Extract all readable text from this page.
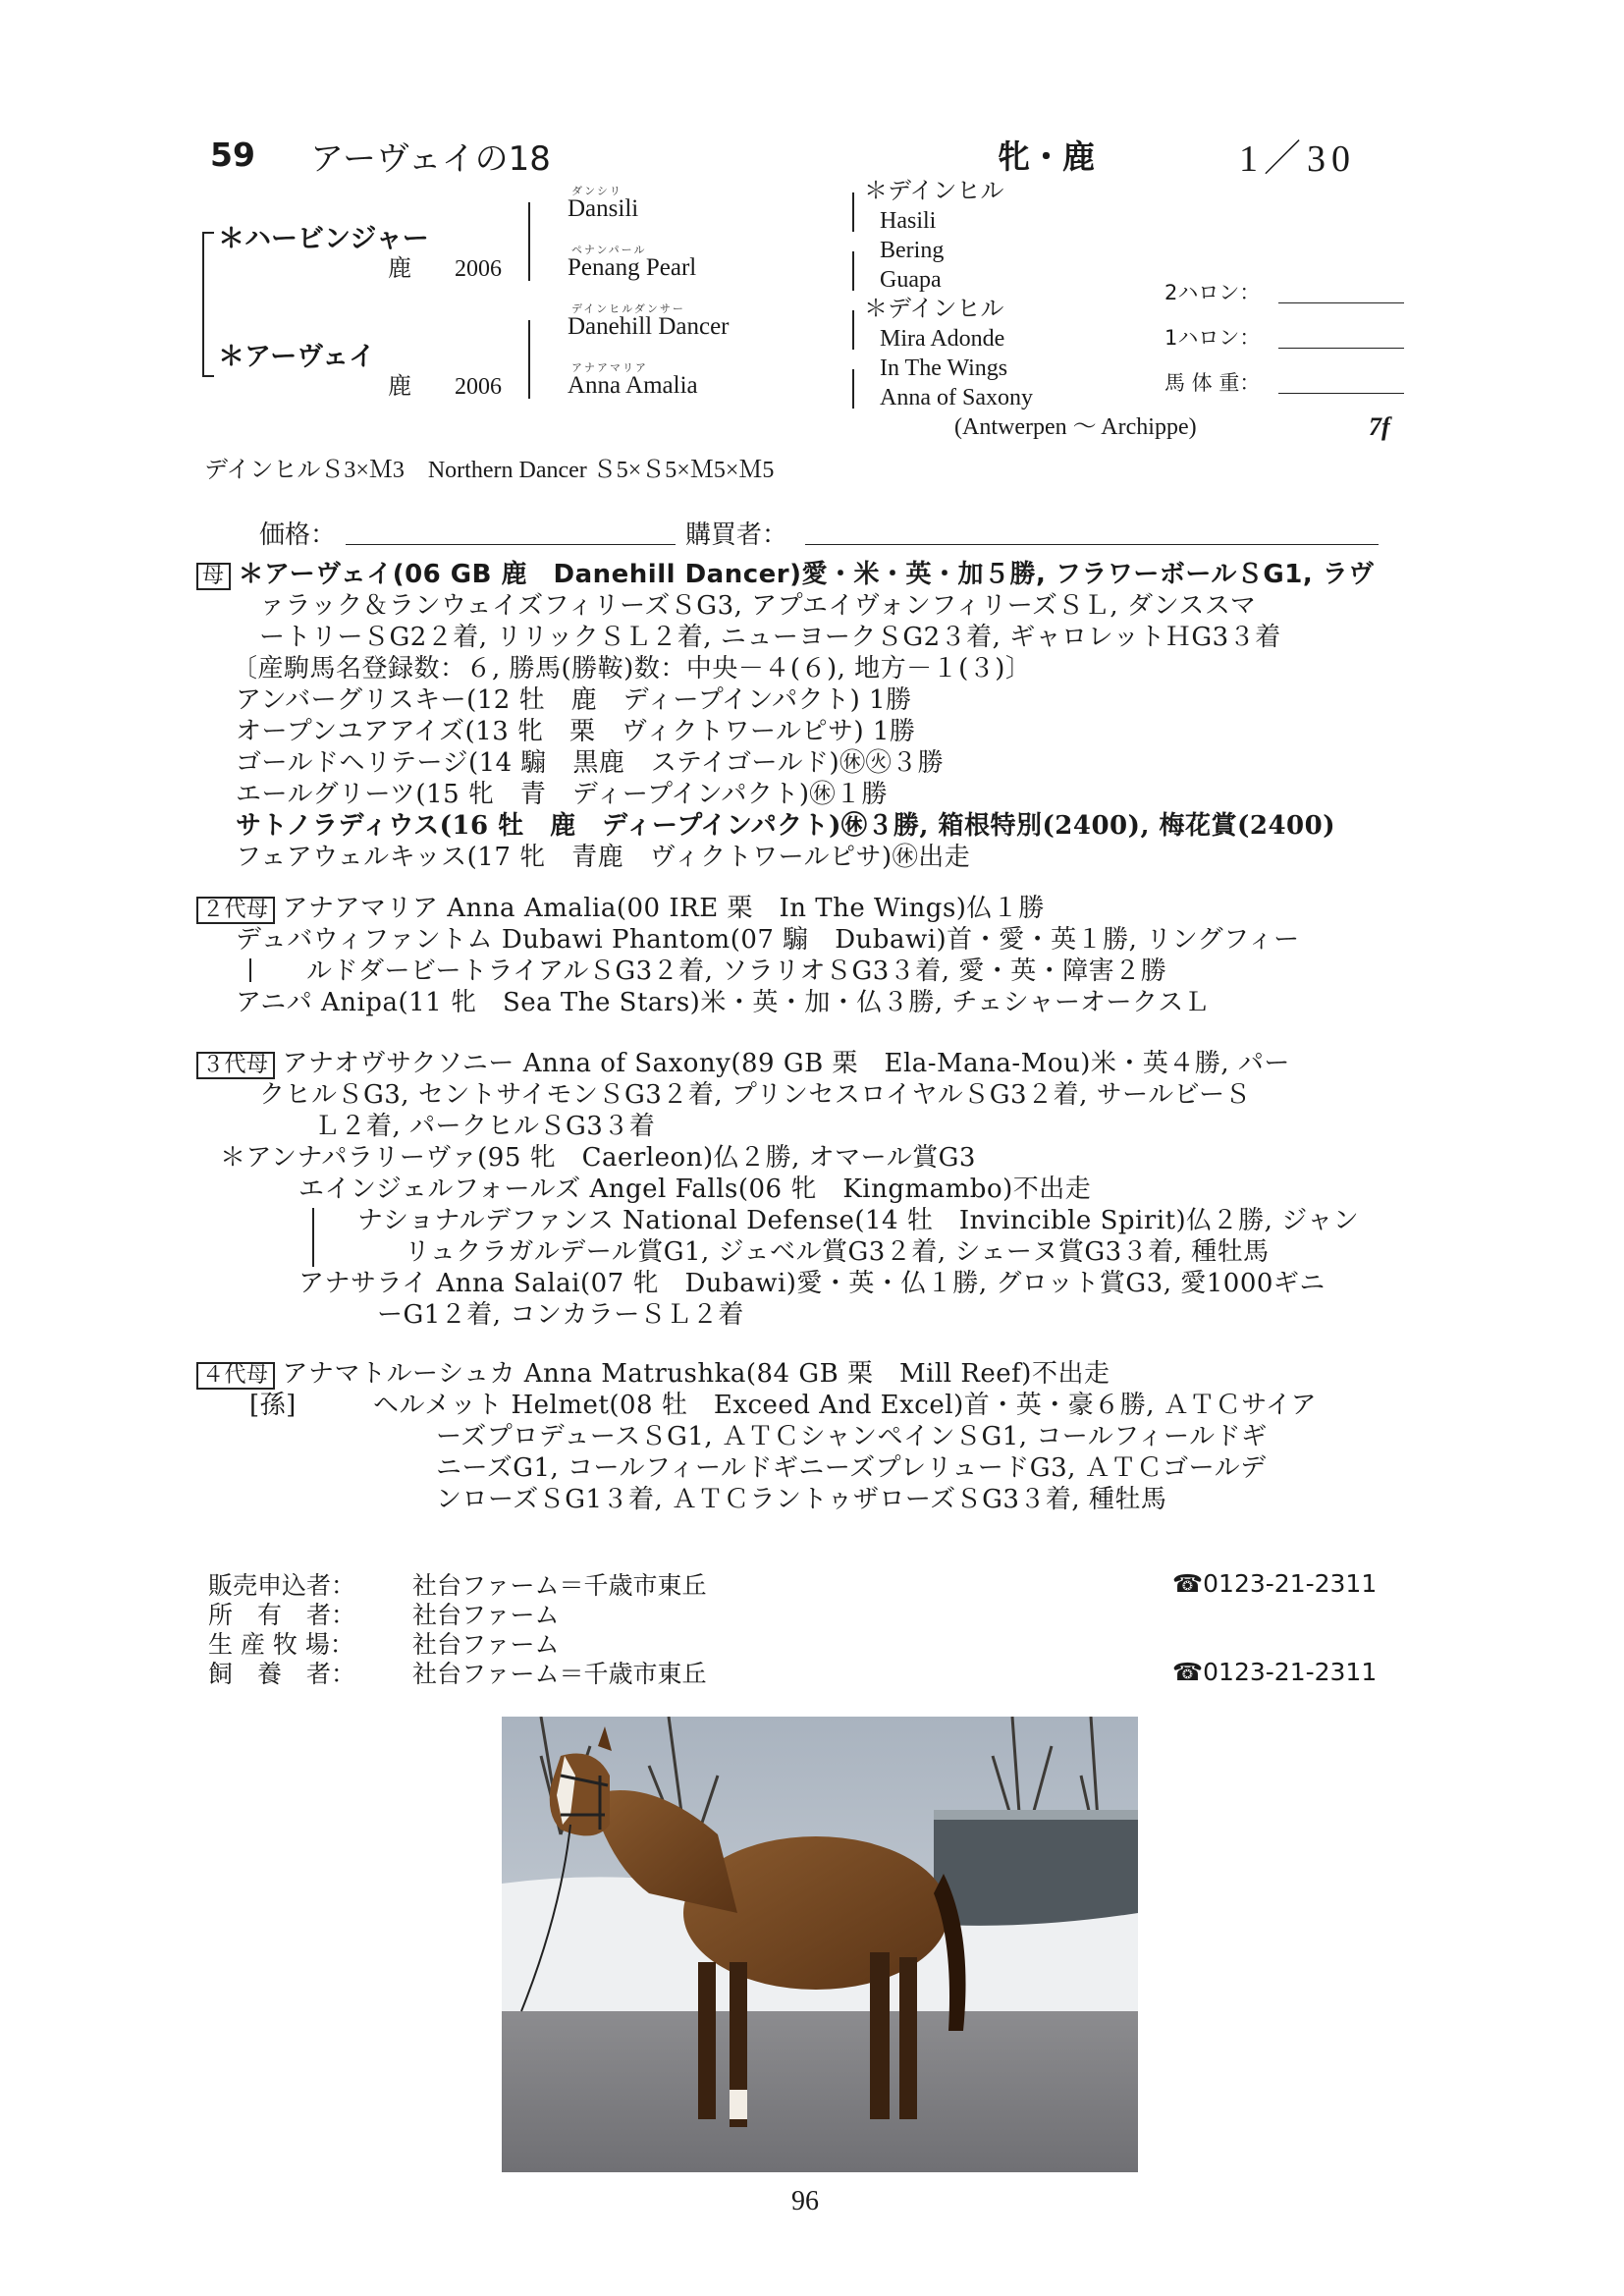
59 アーヴェイの18	牝・鹿	1／30
＊ハービンジャー
鹿 2006
＊アーヴェイ
鹿 2006
ダンシリ
Dansili
ペナンパール
Penang Pearl
デインヒルダンサー
Danehill Dancer
アナアマリア
Anna Amalia
＊デインヒル
Hasili
Bering
Guapa
＊デインヒル
Mira Adonde
In The Wings
Anna of Saxony
(Antwerpen ～ Archippe)	7f
2ハロン：
1ハロン：
馬 体 重：
デインヒルＳ3×Ｍ3　Northern Dancer Ｓ5×Ｓ5×Ｍ5×Ｍ5
価格：	購買者：
母 ＊アーヴェイ(06 GB 鹿　Danehill Dancer)愛・米・英・加５勝, フラワーボールＳG1, ラヴ
ァラック＆ランウェイズフィリーズＳG3, アプエイヴォンフィリーズＳＬ, ダンススマ
ートリーＳG2２着, リリックＳＬ２着, ニューヨークＳG2３着, ギャロレットＨG3３着
〔産駒馬名登録数：６, 勝馬(勝鞍)数：中央－４(６), 地方－１(３)〕
アンバーグリスキー(12 牡　鹿　ディープインパクト) 1勝
オープンユアアイズ(13 牝　栗　ヴィクトワールピサ) 1勝
ゴールドヘリテージ(14 騸　黒鹿　ステイゴールド)㊡㊋３勝
エールグリーツ(15 牝　青　ディープインパクト)㊡１勝
サトノラディウス(16 牡　鹿　ディープインパクト)㊡３勝, 箱根特別(2400), 梅花賞(2400)
フェアウェルキッス(17 牝　青鹿　ヴィクトワールピサ)㊡出走
２代母 アナアマリア Anna Amalia(00 IRE 栗　In The Wings)仏１勝
デュバウィファントム Dubawi Phantom(07 騸　Dubawi)首・愛・英１勝, リングフィー
ルドダービートライアルＳG3２着, ソラリオＳG3３着, 愛・英・障害２勝
アニパ Anipa(11 牝　Sea The Stars)米・英・加・仏３勝, チェシャーオークスＬ
３代母 アナオヴサクソニー Anna of Saxony(89 GB 栗　Ela-Mana-Mou)米・英４勝, パー
クヒルＳG3, セントサイモンＳG3２着, プリンセスロイヤルＳG3２着, サールビーＳ
Ｌ２着, パークヒルＳG3３着
＊アンナパラリーヴァ(95 牝　Caerleon)仏２勝, オマール賞G3
エインジェルフォールズ Angel Falls(06 牝　Kingmambo)不出走
ナショナルデファンス National Defense(14 牡　Invincible Spirit)仏２勝, ジャン
リュクラガルデール賞G1, ジェベル賞G3２着, シェーヌ賞G3３着, 種牡馬
アナサライ Anna Salai(07 牝　Dubawi)愛・英・仏１勝, グロット賞G3, 愛1000ギニ
ーG1２着, コンカラーＳＬ２着
４代母 アナマトルーシュカ Anna Matrushka(84 GB 栗　Mill Reef)不出走
[孫]	ヘルメット Helmet(08 牡　Exceed And Excel)首・英・豪６勝, ＡＴＣサイア
ーズプロデュースＳG1, ＡＴＣシャンペインＳG1, コールフィールドギ
ニーズG1, コールフィールドギニーズプレリュードG3, ＡＴＣゴールデ
ンローズＳG1３着, ＡＴＣラントゥザローズＳG3３着, 種牡馬
販売申込者： 社台ファーム＝千歳市東丘	☎0123-21-2311
所　有　者： 社台ファーム
生 産 牧 場： 社台ファーム
飼　養　者： 社台ファーム＝千歳市東丘	☎0123-21-2311
96
